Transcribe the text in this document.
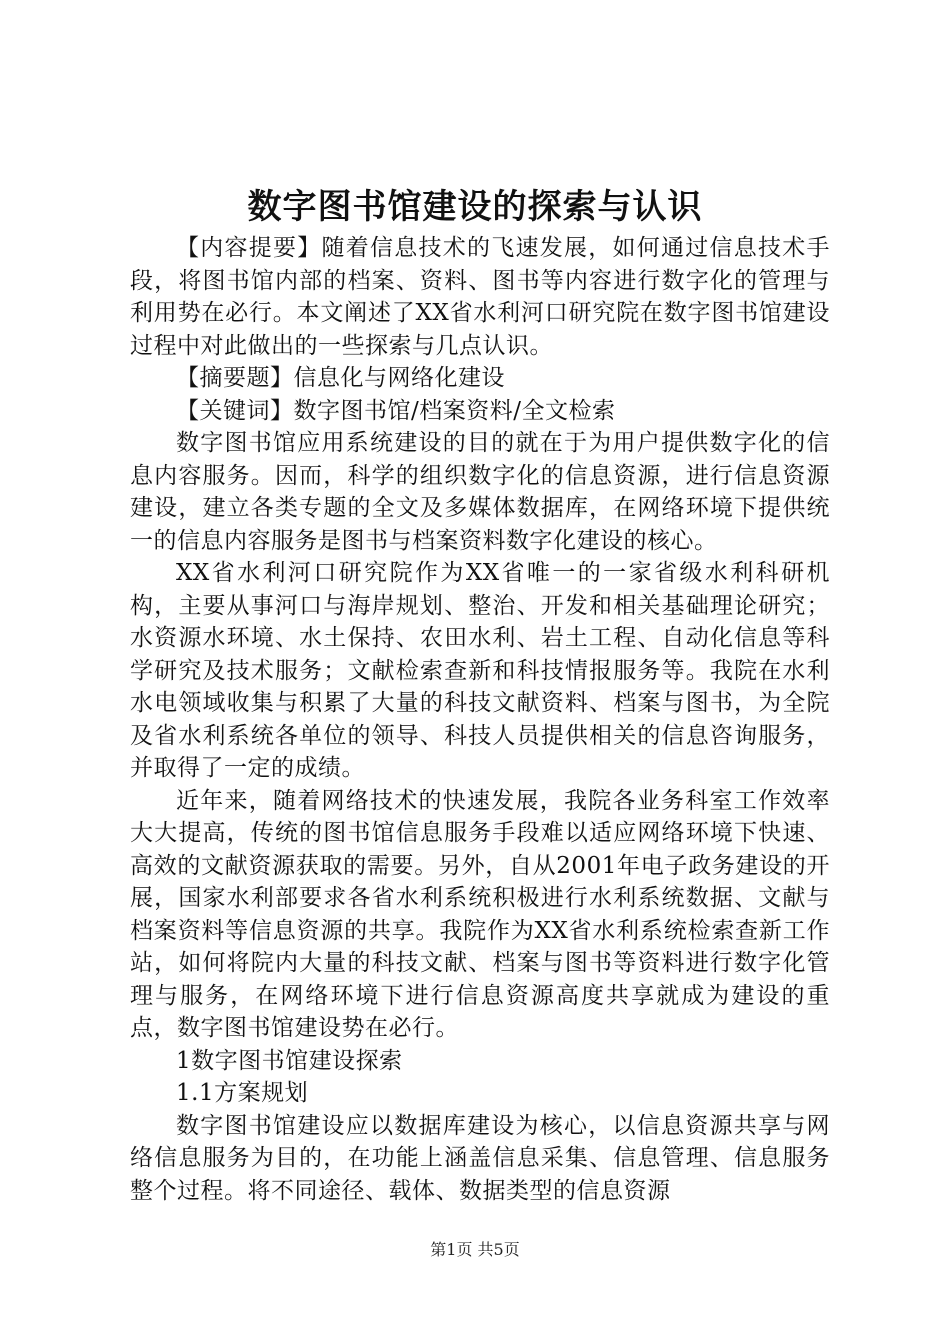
数字图书馆建设的探索与认识

【内容提要】随着信息技术的飞速发展，如何通过信息技术手段，将图书馆内部的档案、资料、图书等内容进行数字化的管理与利用势在必行。本文阐述了XX省水利河口研究院在数字图书馆建设过程中对此做出的一些探索与几点认识。

【摘要题】信息化与网络化建设

【关键词】数字图书馆/档案资料/全文检索

数字图书馆应用系统建设的目的就在于为用户提供数字化的信息内容服务。因而，科学的组织数字化的信息资源，进行信息资源建设，建立各类专题的全文及多媒体数据库，在网络环境下提供统一的信息内容服务是图书与档案资料数字化建设的核心。

XX省水利河口研究院作为XX省唯一的一家省级水利科研机构，主要从事河口与海岸规划、整治、开发和相关基础理论研究；水资源水环境、水土保持、农田水利、岩土工程、自动化信息等科学研究及技术服务；文献检索查新和科技情报服务等。我院在水利水电领域收集与积累了大量的科技文献资料、档案与图书，为全院及省水利系统各单位的领导、科技人员提供相关的信息咨询服务，并取得了一定的成绩。

近年来，随着网络技术的快速发展，我院各业务科室工作效率大大提高，传统的图书馆信息服务手段难以适应网络环境下快速、高效的文献资源获取的需要。另外，自从2001年电子政务建设的开展，国家水利部要求各省水利系统积极进行水利系统数据、文献与档案资料等信息资源的共享。我院作为XX省水利系统检索查新工作站，如何将院内大量的科技文献、档案与图书等资料进行数字化管理与服务，在网络环境下进行信息资源高度共享就成为建设的重点，数字图书馆建设势在必行。

1数字图书馆建设探索

1.1方案规划

数字图书馆建设应以数据库建设为核心，以信息资源共享与网络信息服务为目的，在功能上涵盖信息采集、信息管理、信息服务整个过程。将不同途径、载体、数据类型的信息资源

第1页 共5页
